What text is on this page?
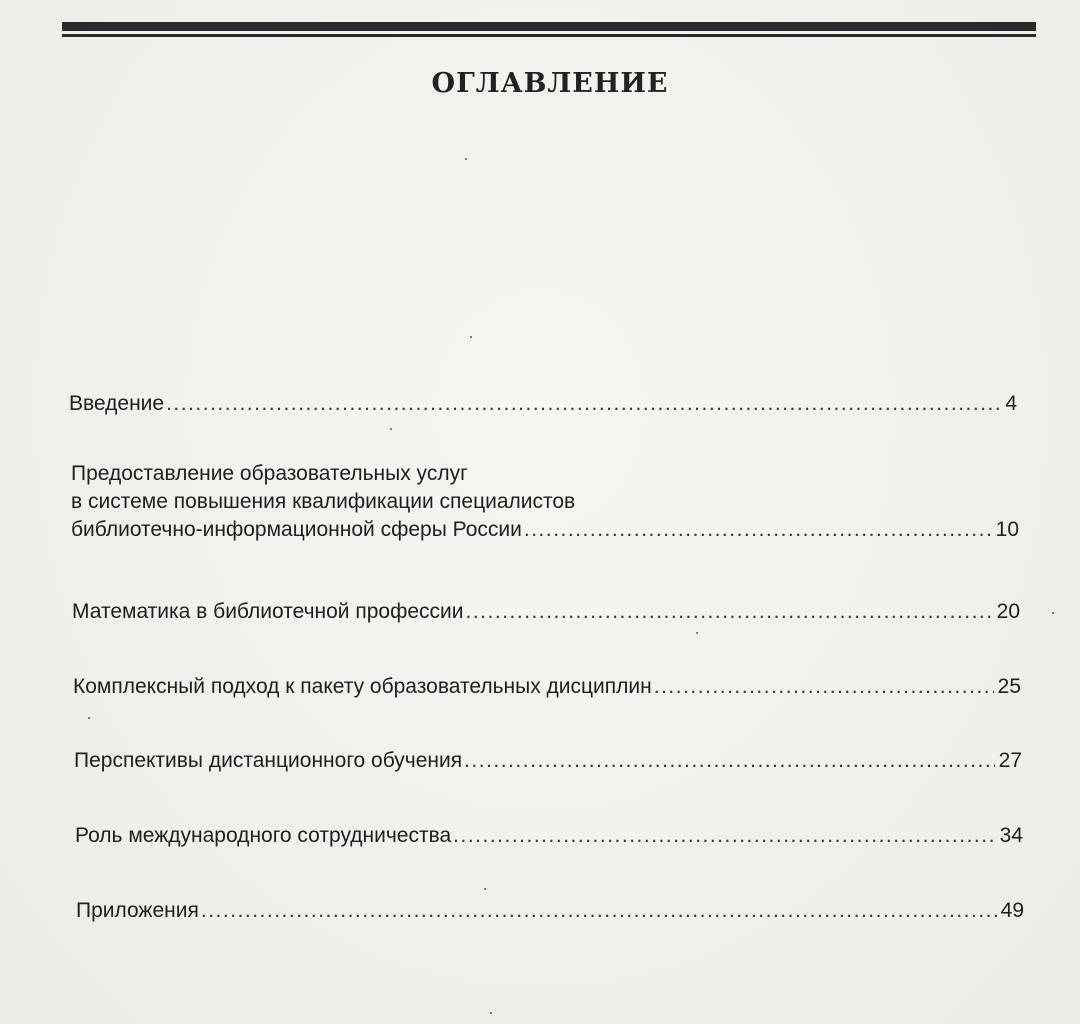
ОГЛАВЛЕНИЕ
Введение .....	4
Предоставление образовательных услуг
в системе повышения квалификации специалистов
библиотечно-информационной сферы России .....	10
Математика в библиотечной профессии .....	20
Комплексный подход к пакету образовательных дисциплин .....	25
Перспективы дистанционного обучения .....	27
Роль международного сотрудничества .....	34
Приложения .....	49
